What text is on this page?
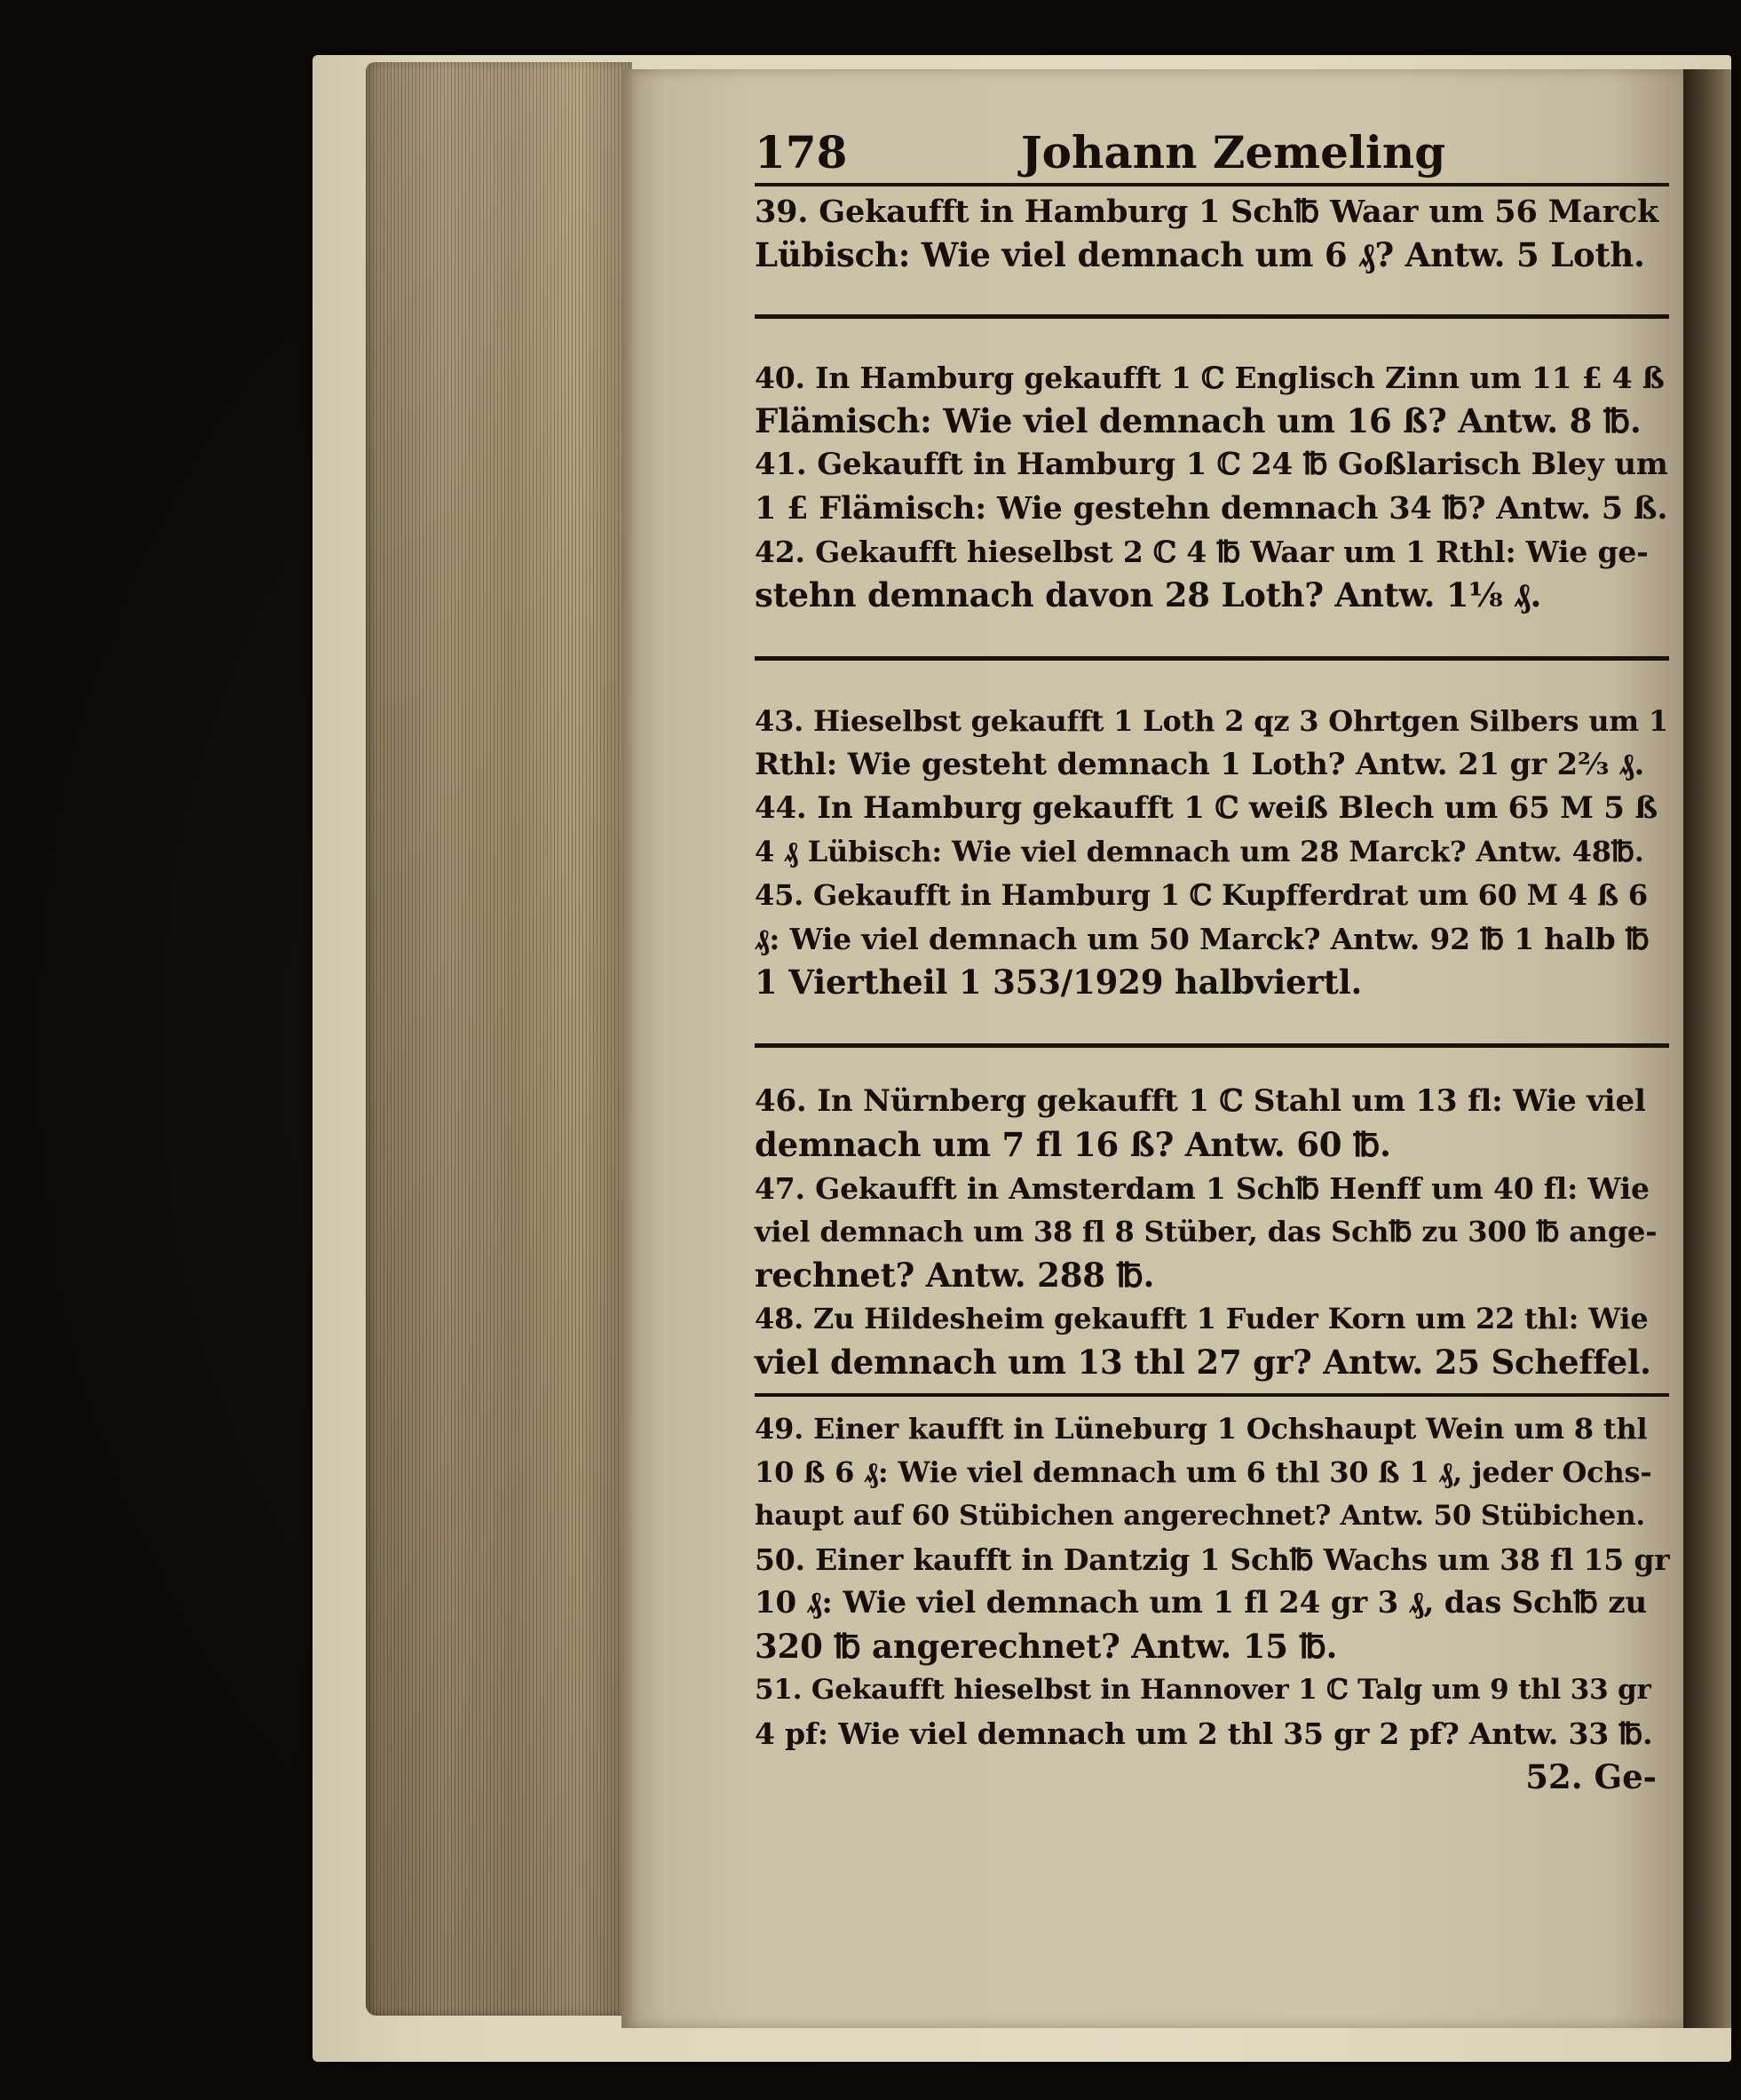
178	Johann Zemeling

39. Gekaufft in Hamburg 1 Sch℔ Waar um 56 Marck

Lübisch: Wie viel demnach um 6 ₰? Antw. 5 Loth.

40. In Hamburg gekaufft 1 ℂ Englisch Zinn um 11 £ 4 ß

Flämisch: Wie viel demnach um 16 ß? Antw. 8 ℔.

41. Gekaufft in Hamburg 1 ℂ 24 ℔ Goßlarisch Bley um

1 £ Flämisch: Wie gestehn demnach 34 ℔? Antw. 5 ß.

42. Gekaufft hieselbst 2 ℂ 4 ℔ Waar um 1 Rthl: Wie ge-

stehn demnach davon 28 Loth? Antw. 1⅛ ₰.

43. Hieselbst gekaufft 1 Loth 2 qz 3 Ohrtgen Silbers um 1

Rthl: Wie gesteht demnach 1 Loth? Antw. 21 gr 2⅔ ₰.

44. In Hamburg gekaufft 1 ℂ weiß Blech um 65 M 5 ß

4 ₰ Lübisch: Wie viel demnach um 28 Marck? Antw. 48℔.

45. Gekaufft in Hamburg 1 ℂ Kupfferdrat um 60 M 4 ß 6

₰: Wie viel demnach um 50 Marck? Antw. 92 ℔ 1 halb ℔

1 Viertheil 1 353/1929 halbviertl.

46. In Nürnberg gekaufft 1 ℂ Stahl um 13 fl: Wie viel

demnach um 7 fl 16 ß? Antw. 60 ℔.

47. Gekaufft in Amsterdam 1 Sch℔ Henff um 40 fl: Wie

viel demnach um 38 fl 8 Stüber, das Sch℔ zu 300 ℔ ange-

rechnet? Antw. 288 ℔.

48. Zu Hildesheim gekaufft 1 Fuder Korn um 22 thl: Wie

viel demnach um 13 thl 27 gr? Antw. 25 Scheffel.

49. Einer kaufft in Lüneburg 1 Ochshaupt Wein um 8 thl

10 ß 6 ₰: Wie viel demnach um 6 thl 30 ß 1 ₰, jeder Ochs-

haupt auf 60 Stübichen angerechnet? Antw. 50 Stübichen.

50. Einer kaufft in Dantzig 1 Sch℔ Wachs um 38 fl 15 gr

10 ₰: Wie viel demnach um 1 fl 24 gr 3 ₰, das Sch℔ zu

320 ℔ angerechnet? Antw. 15 ℔.

51. Gekaufft hieselbst in Hannover 1 ℂ Talg um 9 thl 33 gr

4 pf: Wie viel demnach um 2 thl 35 gr 2 pf? Antw. 33 ℔.

52. Ge-
